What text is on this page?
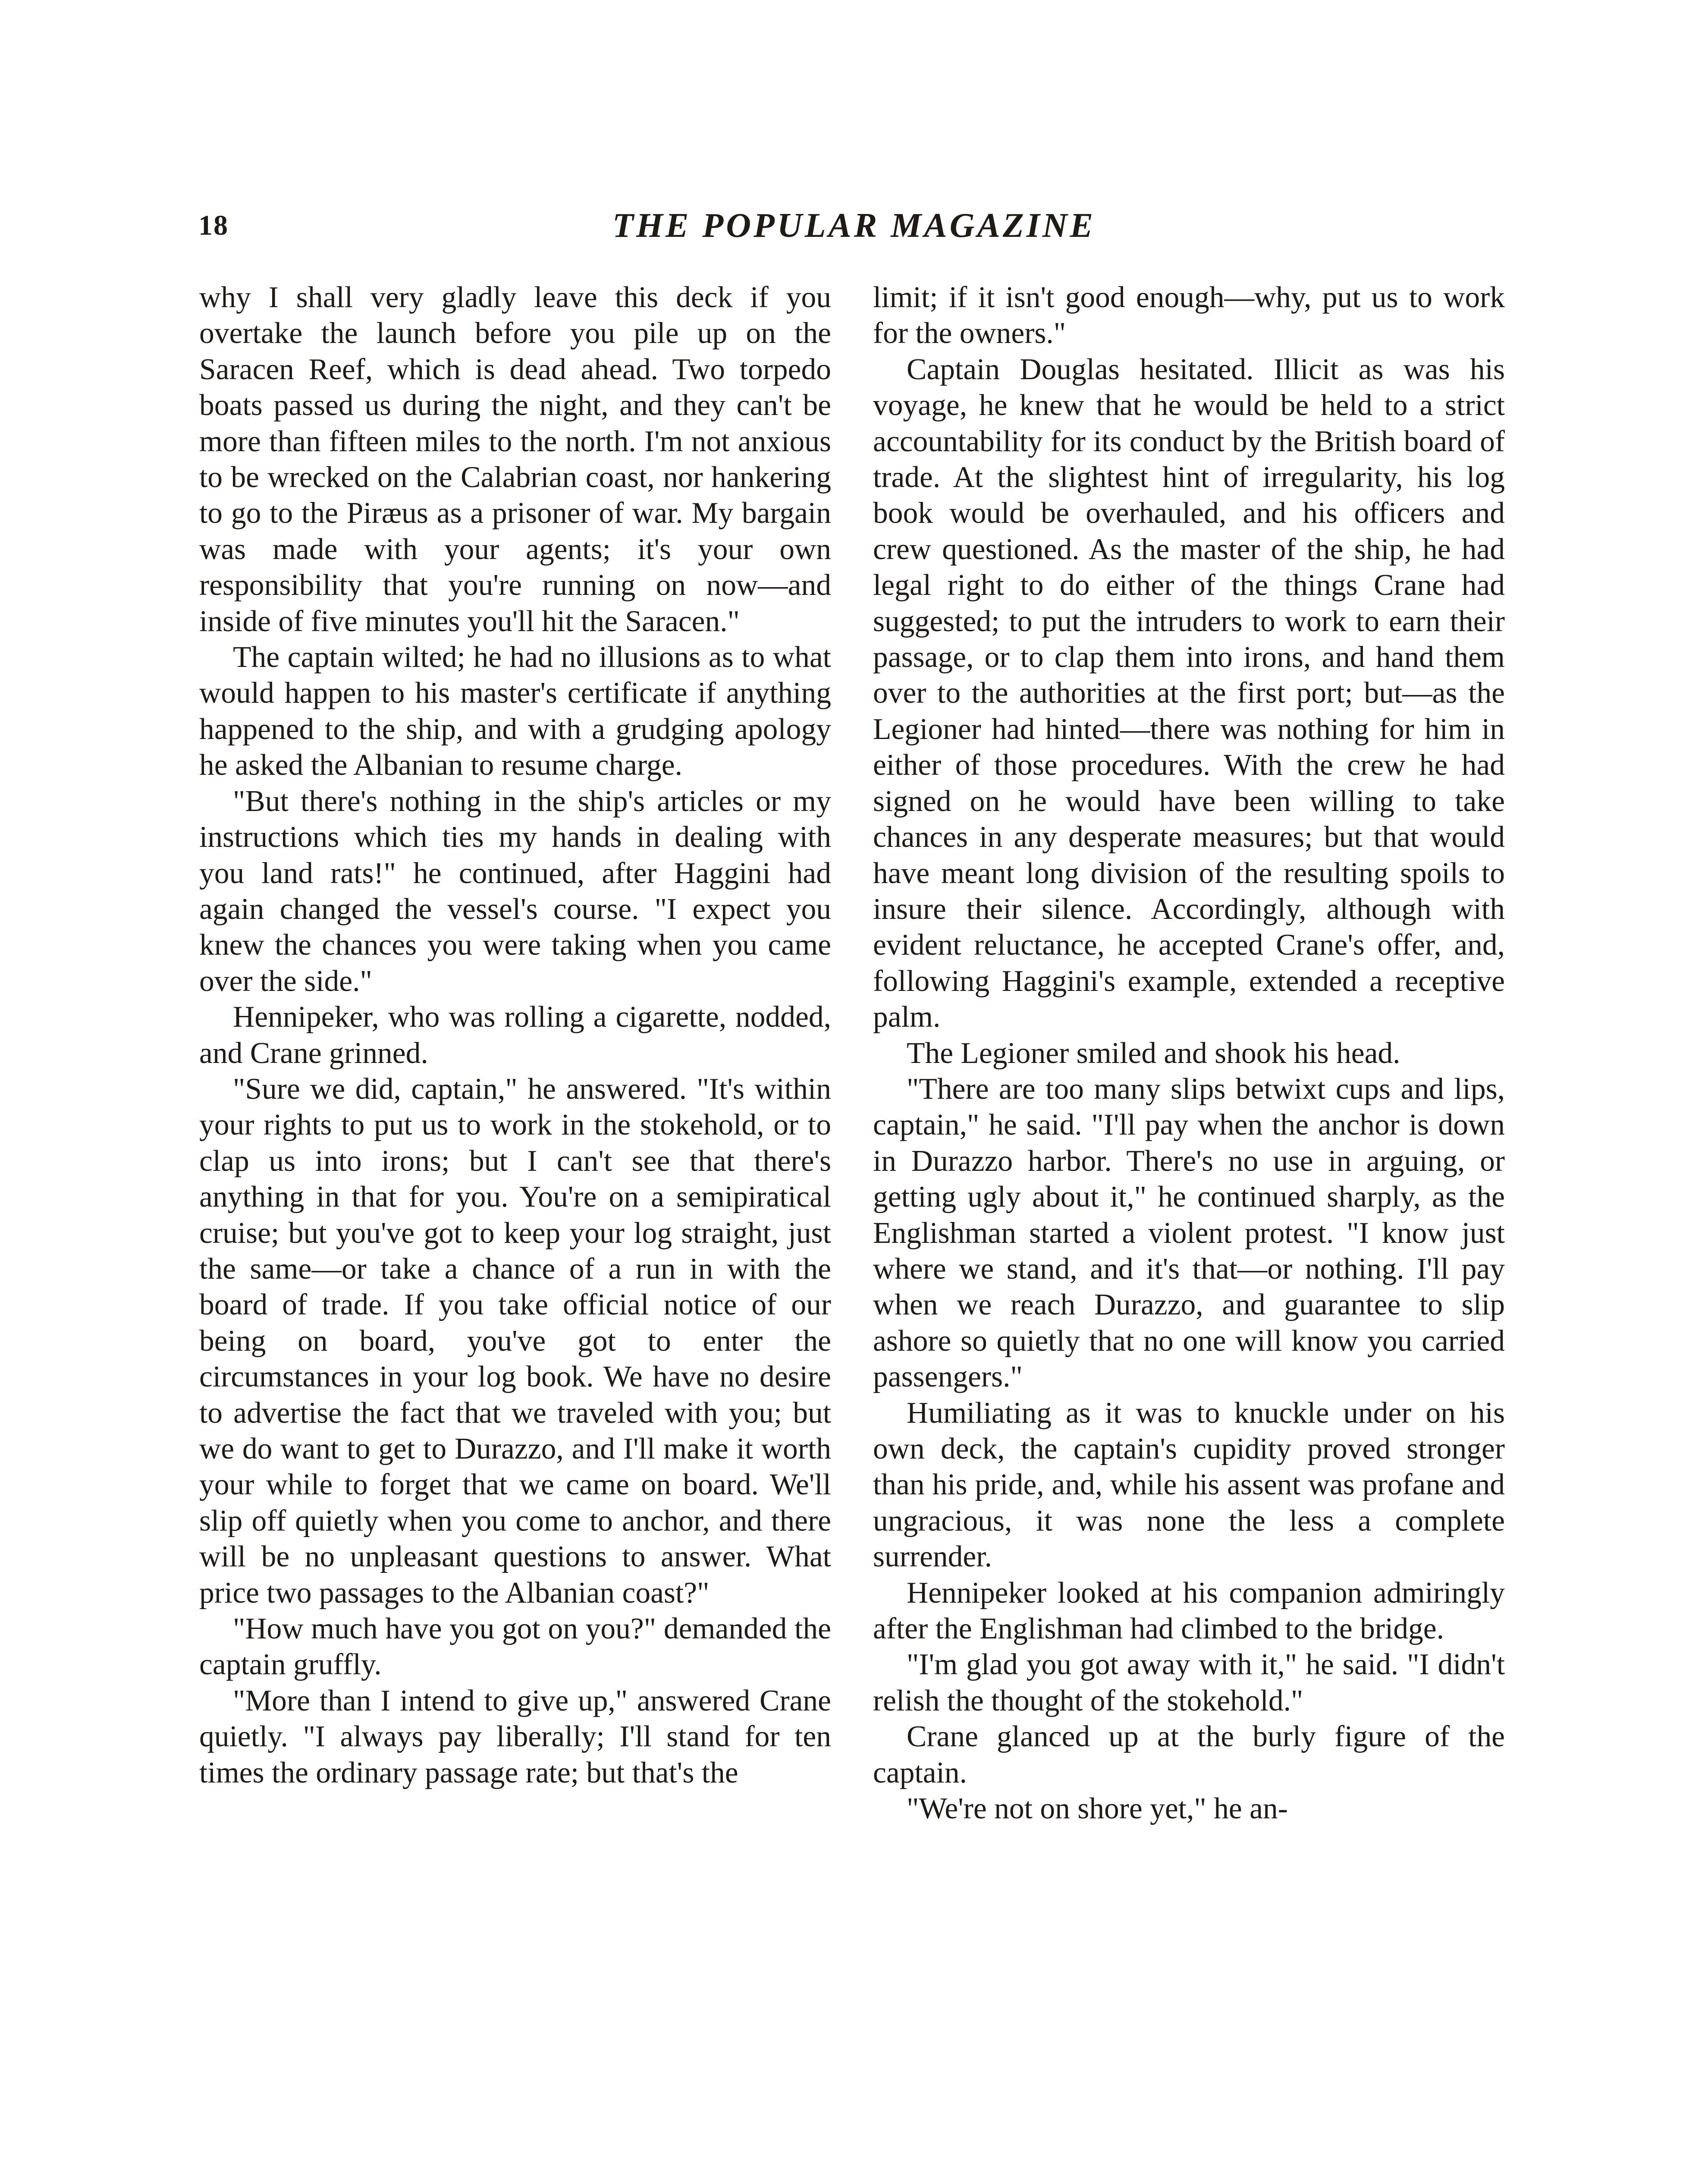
18	THE POPULAR MAGAZINE

why I shall very gladly leave this deck if you overtake the launch before you pile up on the Saracen Reef, which is dead ahead. Two torpedo boats passed us during the night, and they can't be more than fifteen miles to the north. I'm not anxious to be wrecked on the Calabrian coast, nor hankering to go to the Piræus as a prisoner of war. My bargain was made with your agents; it's your own responsibility that you're running on now—and inside of five minutes you'll hit the Saracen."

The captain wilted; he had no illusions as to what would happen to his master's certificate if anything happened to the ship, and with a grudging apology he asked the Albanian to resume charge.

"But there's nothing in the ship's articles or my instructions which ties my hands in dealing with you land rats!" he continued, after Haggini had again changed the vessel's course. "I expect you knew the chances you were taking when you came over the side."

Hennipeker, who was rolling a cigarette, nodded, and Crane grinned.

"Sure we did, captain," he answered. "It's within your rights to put us to work in the stokehold, or to clap us into irons; but I can't see that there's anything in that for you. You're on a semipiratical cruise; but you've got to keep your log straight, just the same—or take a chance of a run in with the board of trade. If you take official notice of our being on board, you've got to enter the circumstances in your log book. We have no desire to advertise the fact that we traveled with you; but we do want to get to Durazzo, and I'll make it worth your while to forget that we came on board. We'll slip off quietly when you come to anchor, and there will be no unpleasant questions to answer. What price two passages to the Albanian coast?"

"How much have you got on you?" demanded the captain gruffly.

"More than I intend to give up," answered Crane quietly. "I always pay liberally; I'll stand for ten times the ordinary passage rate; but that's the

limit; if it isn't good enough—why, put us to work for the owners."

Captain Douglas hesitated. Illicit as was his voyage, he knew that he would be held to a strict accountability for its conduct by the British board of trade. At the slightest hint of irregularity, his log book would be overhauled, and his officers and crew questioned. As the master of the ship, he had legal right to do either of the things Crane had suggested; to put the intruders to work to earn their passage, or to clap them into irons, and hand them over to the authorities at the first port; but—as the Legioner had hinted—there was nothing for him in either of those procedures. With the crew he had signed on he would have been willing to take chances in any desperate measures; but that would have meant long division of the resulting spoils to insure their silence. Accordingly, although with evident reluctance, he accepted Crane's offer, and, following Haggini's example, extended a receptive palm.

The Legioner smiled and shook his head.

"There are too many slips betwixt cups and lips, captain," he said. "I'll pay when the anchor is down in Durazzo harbor. There's no use in arguing, or getting ugly about it," he continued sharply, as the Englishman started a violent protest. "I know just where we stand, and it's that—or nothing. I'll pay when we reach Durazzo, and guarantee to slip ashore so quietly that no one will know you carried passengers."

Humiliating as it was to knuckle under on his own deck, the captain's cupidity proved stronger than his pride, and, while his assent was profane and ungracious, it was none the less a complete surrender.

Hennipeker looked at his companion admiringly after the Englishman had climbed to the bridge.

"I'm glad you got away with it," he said. "I didn't relish the thought of the stokehold."

Crane glanced up at the burly figure of the captain.

"We're not on shore yet," he an-
